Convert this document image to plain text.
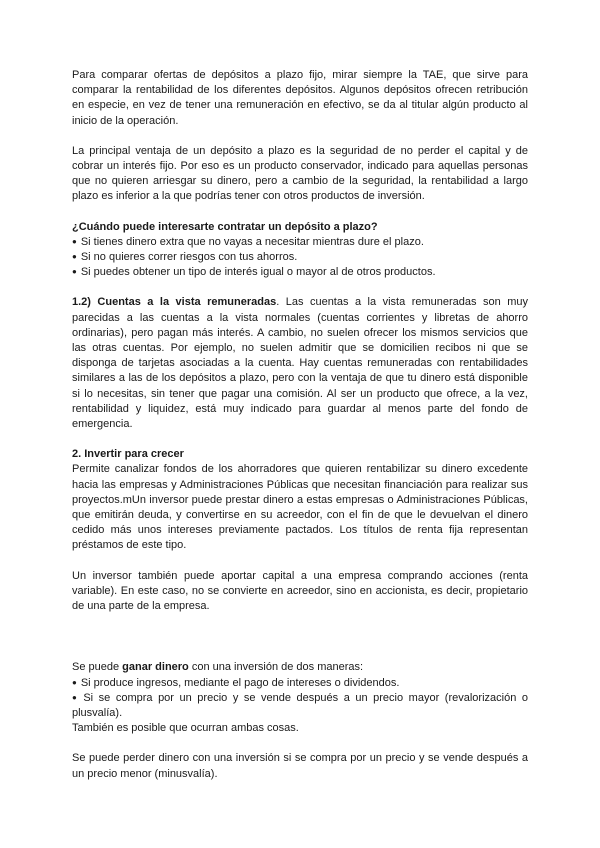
Para comparar ofertas de depósitos a plazo fijo, mirar siempre la TAE, que sirve para comparar la rentabilidad de los diferentes depósitos. Algunos depósitos ofrecen retribución en especie, en vez de tener una remuneración en efectivo, se da al titular algún producto al inicio de la operación.

La principal ventaja de un depósito a plazo es la seguridad de no perder el capital y de cobrar un interés fijo. Por eso es un producto conservador, indicado para aquellas personas que no quieren arriesgar su dinero, pero a cambio de la seguridad, la rentabilidad a largo plazo es inferior a la que podrías tener con otros productos de inversión.

¿Cuándo puede interesarte contratar un depósito a plazo?

● Si tienes dinero extra que no vayas a necesitar mientras dure el plazo.

● Si no quieres correr riesgos con tus ahorros.

● Si puedes obtener un tipo de interés igual o mayor al de otros productos.

1.2) Cuentas a la vista remuneradas. Las cuentas a la vista remuneradas son muy parecidas a las cuentas a la vista normales (cuentas corrientes y libretas de ahorro ordinarias), pero pagan más interés. A cambio, no suelen ofrecer los mismos servicios que las otras cuentas. Por ejemplo, no suelen admitir que se domicilien recibos ni que se disponga de tarjetas asociadas a la cuenta. Hay cuentas remuneradas con rentabilidades similares a las de los depósitos a plazo, pero con la ventaja de que tu dinero está disponible si lo necesitas, sin tener que pagar una comisión. Al ser un producto que ofrece, a la vez, rentabilidad y liquidez, está muy indicado para guardar al menos parte del fondo de emergencia.

2. Invertir para crecer

Permite canalizar fondos de los ahorradores que quieren rentabilizar su dinero excedente hacia las empresas y Administraciones Públicas que necesitan financiación para realizar sus proyectos.mUn inversor puede prestar dinero a estas empresas o Administraciones Públicas, que emitirán deuda, y convertirse en su acreedor, con el fin de que le devuelvan el dinero cedido más unos intereses previamente pactados. Los títulos de renta fija representan préstamos de este tipo.

Un inversor también puede aportar capital a una empresa comprando acciones (renta variable). En este caso, no se convierte en acreedor, sino en accionista, es decir, propietario de una parte de la empresa.

Se puede ganar dinero con una inversión de dos maneras:

● Si produce ingresos, mediante el pago de intereses o dividendos.

● Si se compra por un precio y se vende después a un precio mayor (revalorización o plusvalía).

También es posible que ocurran ambas cosas.

Se puede perder dinero con una inversión si se compra por un precio y se vende después a un precio menor (minusvalía).
